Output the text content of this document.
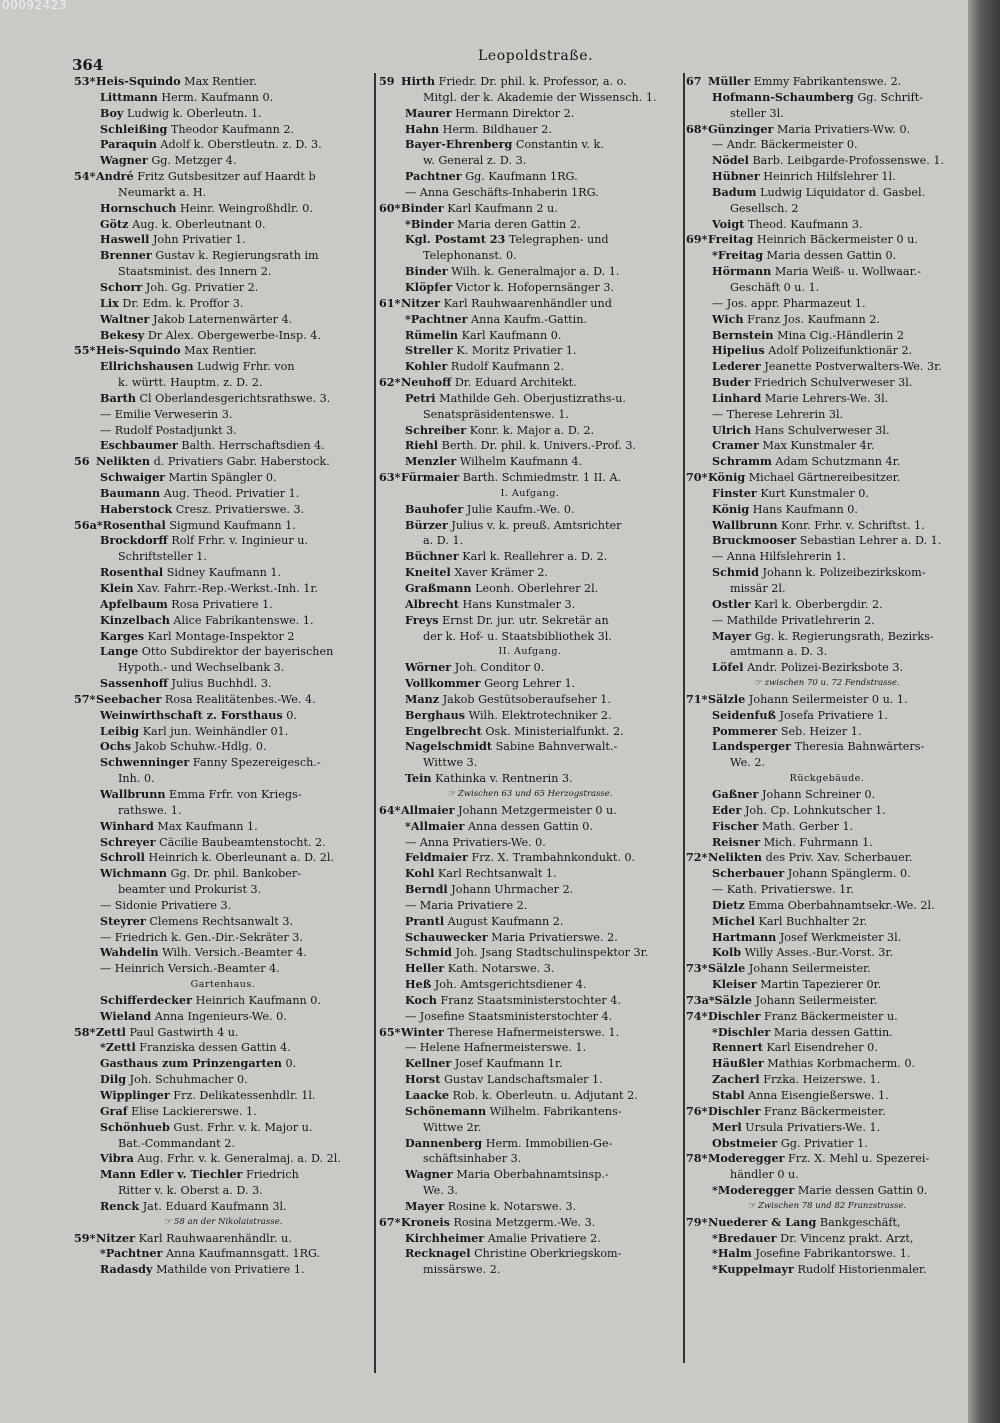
00092423
364	Leopoldstraße.
53*Heis-Squindo Max Rentier.
Littmann Herm. Kaufmann 0.
Boy Ludwig k. Oberleutn. 1.
Schleißing Theodor Kaufmann 2.
Paraquin Adolf k. Oberstleutn. z. D. 3.
Wagner Gg. Metzger 4.
54*André Fritz Gutsbesitzer auf Haardt b
Neumarkt a. H.
Hornschuch Heinr. Weingroßhdlr. 0.
Götz Aug. k. Oberleutnant 0.
Haswell John Privatier 1.
Brenner Gustav k. Regierungsrath im
Staatsminist. des Innern 2.
Schorr Joh. Gg. Privatier 2.
Lix Dr. Edm. k. Proffor 3.
Waltner Jakob Laternenwärter 4.
Bekesy Dr Alex. Obergewerbe-Insp. 4.
55*Heis-Squindo Max Rentier.
Ellrichshausen Ludwig Frhr. von
k. württ. Hauptm. z. D. 2.
Barth Cl Oberlandesgerichtsrathswe. 3.
— Emilie Verweserin 3.
— Rudolf Postadjunkt 3.
Eschbaumer Balth. Herrschaftsdien 4.
56 Nelikten d. Privatiers Gabr. Haberstock.
Schwaiger Martin Spängler 0.
Baumann Aug. Theod. Privatier 1.
Haberstock Cresz. Privatierswe. 3.
56a*Rosenthal Sigmund Kaufmann 1.
Brockdorff Rolf Frhr. v. Inginieur u.
Schriftsteller 1.
Rosenthal Sidney Kaufmann 1.
Klein Xav. Fahrr.-Rep.-Werkst.-Inh. 1r.
Apfelbaum Rosa Privatiere 1.
Kinzelbach Alice Fabrikantenswe. 1.
Karges Karl Montage-Inspektor 2
Lange Otto Subdirektor der bayerischen
Hypoth.- und Wechselbank 3.
Sassenhoff Julius Buchhdl. 3.
57*Seebacher Rosa Realitätenbes.-We. 4.
Weinwirthschaft z. Forsthaus 0.
Leibig Karl jun. Weinhändler 01.
Ochs Jakob Schuhw.-Hdlg. 0.
Schwenninger Fanny Spezereigesch.-
Inh. 0.
Wallbrunn Emma Frfr. von Kriegs-
rathswe. 1.
Winhard Max Kaufmann 1.
Schreyer Cäcilie Baubeamtenstocht. 2.
Schroll Heinrich k. Oberleunant a. D. 2l.
Wichmann Gg. Dr. phil. Bankober-
beamter und Prokurist 3.
— Sidonie Privatiere 3.
Steyrer Clemens Rechtsanwalt 3.
— Friedrich k. Gen.-Dir.-Sekräter 3.
Wahdelin Wilh. Versich.-Beamter 4.
— Heinrich Versich.-Beamter 4.
Gartenhaus.
Schifferdecker Heinrich Kaufmann 0.
Wieland Anna Ingenieurs-We. 0.
58*Zettl Paul Gastwirth 4 u.
*Zettl Franziska dessen Gattin 4.
Gasthaus zum Prinzengarten 0.
Dilg Joh. Schuhmacher 0.
Wipplinger Frz. Delikatessenhdlr. 1l.
Graf Elise Lackiererswe. 1.
Schönhueb Gust. Frhr. v. k. Major u.
Bat.-Commandant 2.
Vibra Aug. Frhr. v. k. Generalmaj. a. D. 2l.
Mann Edler v. Tiechler Friedrich
Ritter v. k. Oberst a. D. 3.
Renck Jat. Eduard Kaufmann 3l.
☞ 58 an der Nikolaistrasse.
59*Nitzer Karl Rauhwaarenhändlr. u.
*Pachtner Anna Kaufmannsgatt. 1RG.
Radasdy Mathilde von Privatiere 1.
59 Hirth Friedr. Dr. phil. k. Professor, a. o.
Mitgl. der k. Akademie der Wissensch. 1.
Maurer Hermann Direktor 2.
Hahn Herm. Bildhauer 2.
Bayer-Ehrenberg Constantin v. k.
w. General z. D. 3.
Pachtner Gg. Kaufmann 1RG.
— Anna Geschäfts-Inhaberin 1RG.
60*Binder Karl Kaufmann 2 u.
*Binder Maria deren Gattin 2.
Kgl. Postamt 23 Telegraphen- und
Telephonanst. 0.
Binder Wilh. k. Generalmajor a. D. 1.
Klöpfer Victor k. Hofopernsänger 3.
61*Nitzer Karl Rauhwaarenhändler und
*Pachtner Anna Kaufm.-Gattin.
Rümelin Karl Kaufmann 0.
Streller K. Moritz Privatier 1.
Kohler Rudolf Kaufmann 2.
62*Neuhoff Dr. Eduard Architekt.
Petri Mathilde Geh. Oberjustizraths-u.
Senatspräsidentenswe. 1.
Schreiber Konr. k. Major a. D. 2.
Riehl Berth. Dr. phil. k. Univers.-Prof. 3.
Menzler Wilhelm Kaufmann 4.
63*Fürmaier Barth. Schmiedmstr. 1 II. A.
I. Aufgang.
Bauhofer Julie Kaufm.-We. 0.
Bürzer Julius v. k. preuß. Amtsrichter
a. D. 1.
Büchner Karl k. Reallehrer a. D. 2.
Kneitel Xaver Krämer 2.
Graßmann Leonh. Oberlehrer 2l.
Albrecht Hans Kunstmaler 3.
Freys Ernst Dr. jur. utr. Sekretär an
der k. Hof- u. Staatsbibliothek 3l.
II. Aufgang.
Wörner Joh. Conditor 0.
Vollkommer Georg Lehrer 1.
Manz Jakob Gestütsoberaufseher 1.
Berghaus Wilh. Elektrotechniker 2.
Engelbrecht Osk. Ministerialfunkt. 2.
Nagelschmidt Sabine Bahnverwalt.-
Wittwe 3.
Tein Kathinka v. Rentnerin 3.
☞ Zwischen 63 und 65 Herzogstrasse.
64*Allmaier Johann Metzgermeister 0 u.
*Allmaier Anna dessen Gattin 0.
— Anna Privatiers-We. 0.
Feldmaier Frz. X. Trambahnkondukt. 0.
Kohl Karl Rechtsanwalt 1.
Berndl Johann Uhrmacher 2.
— Maria Privatiere 2.
Prantl August Kaufmann 2.
Schauwecker Maria Privatierswe. 2.
Schmid Joh. Jsang Stadtschulinspektor 3r.
Heller Kath. Notarswe. 3.
Heß Joh. Amtsgerichtsdiener 4.
Koch Franz Staatsministerstochter 4.
— Josefine Staatsministerstochter 4.
65*Winter Therese Hafnermeisterswe. 1.
— Helene Hafnermeisterswe. 1.
Kellner Josef Kaufmann 1r.
Horst Gustav Landschaftsmaler 1.
Laacke Rob. k. Oberleutn. u. Adjutant 2.
Schönemann Wilhelm. Fabrikantens-
Wittwe 2r.
Dannenberg Herm. Immobilien-Ge-
schäftsinhaber 3.
Wagner Maria Oberbahnamtsinsp.-
We. 3.
Mayer Rosine k. Notarswe. 3.
67*Kroneis Rosina Metzgerm.-We. 3.
Kirchheimer Amalie Privatiere 2.
Recknagel Christine Oberkriegskom-
missärswe. 2.
67 Müller Emmy Fabrikantenswe. 2.
Hofmann-Schaumberg Gg. Schrift-
steller 3l.
68*Günzinger Maria Privatiers-Ww. 0.
— Andr. Bäckermeister 0.
Nödel Barb. Leibgarde-Profossenswe. 1.
Hübner Heinrich Hilfslehrer 1l.
Badum Ludwig Liquidator d. Gasbel.
Gesellsch. 2
Voigt Theod. Kaufmann 3.
69*Freitag Heinrich Bäckermeister 0 u.
*Freitag Maria dessen Gattin 0.
Hörmann Maria Weiß- u. Wollwaar.-
Geschäft 0 u. 1.
— Jos. appr. Pharmazeut 1.
Wich Franz Jos. Kaufmann 2.
Bernstein Mina Cig.-Händlerin 2
Hipelius Adolf Polizeifunktionär 2.
Lederer Jeanette Postverwalters-We. 3r.
Buder Friedrich Schulverweser 3l.
Linhard Marie Lehrers-We. 3l.
— Therese Lehrerin 3l.
Ulrich Hans Schulverweser 3l.
Cramer Max Kunstmaler 4r.
Schramm Adam Schutzmann 4r.
70*König Michael Gärtnereibesitzer.
Finster Kurt Kunstmaler 0.
König Hans Kaufmann 0.
Wallbrunn Konr. Frhr. v. Schriftst. 1.
Bruckmooser Sebastian Lehrer a. D. 1.
— Anna Hilfslehrerin 1.
Schmid Johann k. Polizeibezirkskom-
missär 2l.
Ostler Karl k. Oberbergdir. 2.
— Mathilde Privatlehrerin 2.
Mayer Gg. k. Regierungsrath, Bezirks-
amtmann a. D. 3.
Löfel Andr. Polizei-Bezirksbote 3.
☞ zwischen 70 u. 72 Fendstrasse.
71*Sälzle Johann Seilermeister 0 u. 1.
Seidenfuß Josefa Privatiere 1.
Pommerer Seb. Heizer 1.
Landsperger Theresia Bahnwärters-
We. 2.
Rückgebäude.
Gaßner Johann Schreiner 0.
Eder Joh. Cp. Lohnkutscher 1.
Fischer Math. Gerber 1.
Reisner Mich. Fuhrmann 1.
72*Nelikten des Priv. Xav. Scherbauer.
Scherbauer Johann Spänglerm. 0.
— Kath. Privatierswe. 1r.
Dietz Emma Oberbahnamtsekr.-We. 2l.
Michel Karl Buchhalter 2r.
Hartmann Josef Werkmeister 3l.
Kolb Willy Asses.-Bur.-Vorst. 3r.
73*Sälzle Johann Seilermeister.
Kleiser Martin Tapezierer 0r.
73a*Sälzle Johann Seilermeister.
74*Dischler Franz Bäckermeister u.
*Dischler Maria dessen Gattin.
Rennert Karl Eisendreher 0.
Häußler Mathias Korbmacherm. 0.
Zacherl Frzka. Heizerswe. 1.
Stabl Anna Eisengießerswe. 1.
76*Dischler Franz Bäckermeister.
Merl Ursula Privatiers-We. 1.
Obstmeier Gg. Privatier 1.
78*Moderegger Frz. X. Mehl u. Spezerei-
händler 0 u.
*Moderegger Marie dessen Gattin 0.
☞ Zwischen 78 und 82 Franzstrasse.
79*Nuederer & Lang Bankgeschäft,
*Bredauer Dr. Vincenz prakt. Arzt,
*Halm Josefine Fabrikantorswe. 1.
*Kuppelmayr Rudolf Historienmaler.
